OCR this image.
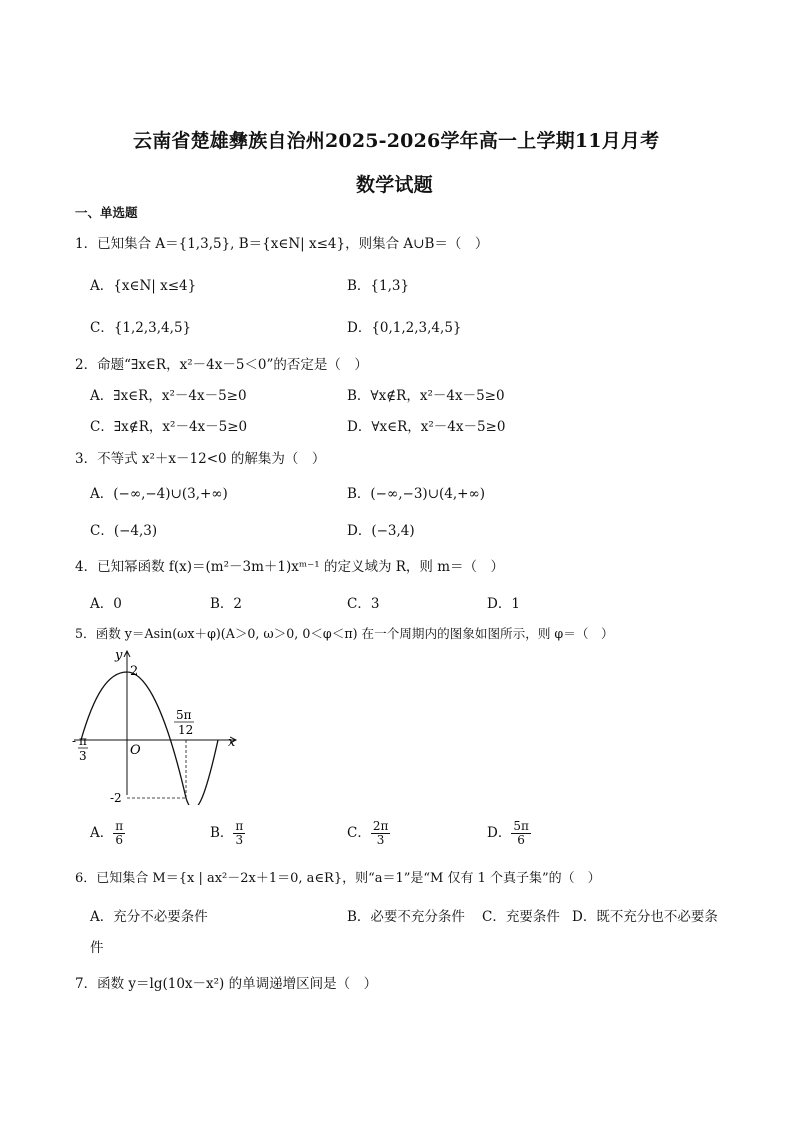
云南省楚雄彝族自治州2025-2026学年高一上学期11月月考
数学试题
一、单选题
1．已知集合 A＝{1,3,5}, B＝{x∈N| x≤4}，则集合 A∪B＝（　）
A．{x∈N| x≤4}	B．{1,3}
C．{1,2,3,4,5}	D．{0,1,2,3,4,5}
2．命题“∃x∈R，x²－4x－5＜0”的否定是（　）
A．∃x∈R，x²－4x－5≥0	B．∀x∉R，x²－4x－5≥0
C．∃x∉R，x²－4x－5≥0	D．∀x∈R，x²－4x－5≥0
3．不等式 x²＋x－12<0 的解集为（　）
A．(−∞,−4)∪(3,+∞)	B．(−∞,−3)∪(4,+∞)
C．(−4,3)	D．(−3,4)
4．已知幂函数 f(x)＝(m²－3m＋1)xᵐ⁻¹ 的定义域为 R，则 m＝（　）
A．0	B．2	C．3	D．1
5．函数 y＝Asin(ωx＋φ)(A＞0, ω＞0, 0＜φ＜π) 在一个周期内的图象如图所示，则 φ＝（　）
y
x
O
2
-2
- π
3
5π
12
A． $\frac{\pi}{6}$	B． $\frac{\pi}{3}$	C． $\frac{2\pi}{3}$	D． $\frac{5\pi}{6}$
6．已知集合 M＝{x | ax²－2x＋1＝0, a∈R}，则“a＝1”是“M 仅有 1 个真子集”的（　）
A．充分不必要条件	B．必要不充分条件 C．充要条件 D．既不充分也不必要条
件
7．函数 y＝lg(10x－x²) 的单调递增区间是（　）
